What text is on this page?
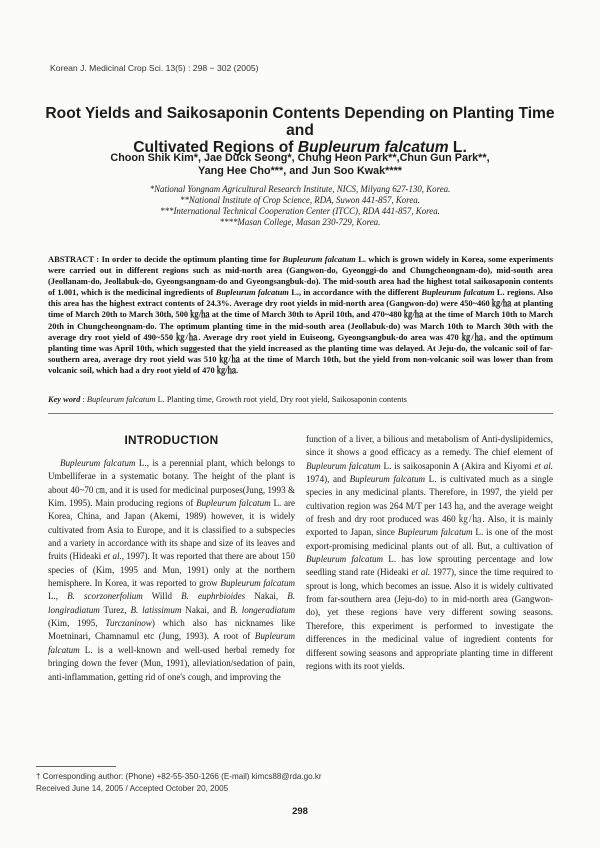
Korean J. Medicinal Crop Sci. 13(5) : 298 − 302 (2005)
Root Yields and Saikosaponin Contents Depending on Planting Time and
Cultivated Regions of Bupleurum falcatum L.
Choon Shik Kim*, Jae Duck Seong*, Chung Heon Park**,Chun Gun Park**,
Yang Hee Cho***, and Jun Soo Kwak****
*National Yongnam Agricultural Research Institute, NICS, Milyang 627-130, Korea.
**National Institute of Crop Science, RDA, Suwon 441-857, Korea.
***International Technical Cooperation Center (ITCC), RDA 441-857, Korea.
****Masan College, Masan 230-729, Korea.
ABSTRACT : In order to decide the optimum planting time for Bupleurum falcatum L. which is grown widely in Korea, some experiments were carried out in different regions such as mid-north area (Gangwon-do, Gyeonggi-do and Chungcheongnam-do), mid-south area (Jeollanam-do, Jeollabuk-do, Gyeongsangnam-do and Gyeongsangbuk-do). The mid-south area had the highest total saikosaponin contents of 1.001, which is the medicinal ingredients of Bupleurum falcatum L., in accordance with the different Bupleurum falcatum L. regions. Also this area has the highest extract contents of 24.3%. Average dry root yields in mid-north area (Gangwon-do) were 450~460 ㎏/㏊ at planting time of March 20th to March 30th, 500 ㎏/㏊ at the time of March 30th to April 10th, and 470~480 ㎏/㏊ at the time of March 10th to March 20th in Chungcheongnam-do. The optimum planting time in the mid-south area (Jeollabuk-do) was March 10th to March 30th with the average dry root yield of 490~550 ㎏/㏊. Average dry root yield in Euiseong, Gyeongsangbuk-do area was 470 ㎏/㏊, and the optimum planting time was April 10th, which suggested that the yield increased as the planting time was delayed. At Jeju-do, the volcanic soil of far-southern area, average dry root yield was 510 ㎏/㏊ at the time of March 10th, but the yield from non-volcanic soil was lower than from volcanic soil, which had a dry root yield of 470 ㎏/㏊.
Key word : Bupleurum falcatum L. Planting time, Growth root yield, Dry root yield, Saikosaponin contents
INTRODUCTION

Bupleurum falcatum L., is a perennial plant, which belongs to Umbelliferae in a systematic botany. The height of the plant is about 40~70 ㎝, and it is used for medicinal purposes(Jung, 1993 & Kim. 1995). Main producing regions of Bupleurum falcatum L. are Korea, China, and Japan (Akemi, 1989) however, it is widely cultivated from Asia to Europe, and it is classified to a subspecies and a variety in accordance with its shape and size of its leaves and fruits (Hideaki et al., 1997). It was reported that there are about 150 species of (Kim, 1995 and Mun, 1991) only at the northern hemisphere. In Korea, it was reported to grow Bupleurum falcatum L., B. scorzonerfolium Willd B. euphrbioides Nakai, B. longiradiatum Turez, B. latissimum Nakai, and B. longeradiatum (Kim, 1995, Turczaninow) which also has nicknames like Moetninari, Chamnamul etc (Jung, 1993). A root of Bupleurum falcatum L. is a well-known and well-used herbal remedy for bringing down the fever (Mun, 1991), alleviation/sedation of pain, anti-inflammation, getting rid of one's cough, and improving the

function of a liver, a bilious and metabolism of Anti-dyslipidemics, since it shows a good efficacy as a remedy. The chief element of Bupleurum falcatum L. is saikosaponin A (Akira and Kiyomi et al. 1974), and Bupleurum falcatum L. is cultivated much as a single species in any medicinal plants. Therefore, in 1997, the yield per cultivation region was 264 M/T per 143 ㏊, and the average weight of fresh and dry root produced was 460 ㎏/㏊. Also, it is mainly exported to Japan, since Bupleurum falcatum L. is one of the most export-promising medicinal plants out of all. But, a cultivation of Bupleurum falcatum L. has low sprouting percentage and low seedling stand rate (Hideaki et al. 1977), since the time required to sprout is long, which becomes an issue. Also it is widely cultivated from far-southern area (Jeju-do) to in mid-north area (Gangwon-do), yet these regions have very different sowing seasons. Therefore, this experiment is performed to investigate the differences in the medicinal value of ingredient contents for different sowing seasons and appropriate planting time in different regions with its root yields.

† Corresponding author: (Phone) +82-55-350-1266 (E-mail) kimcs88@rda.go.kr
Received June 14, 2005 / Accepted October 20, 2005
298
